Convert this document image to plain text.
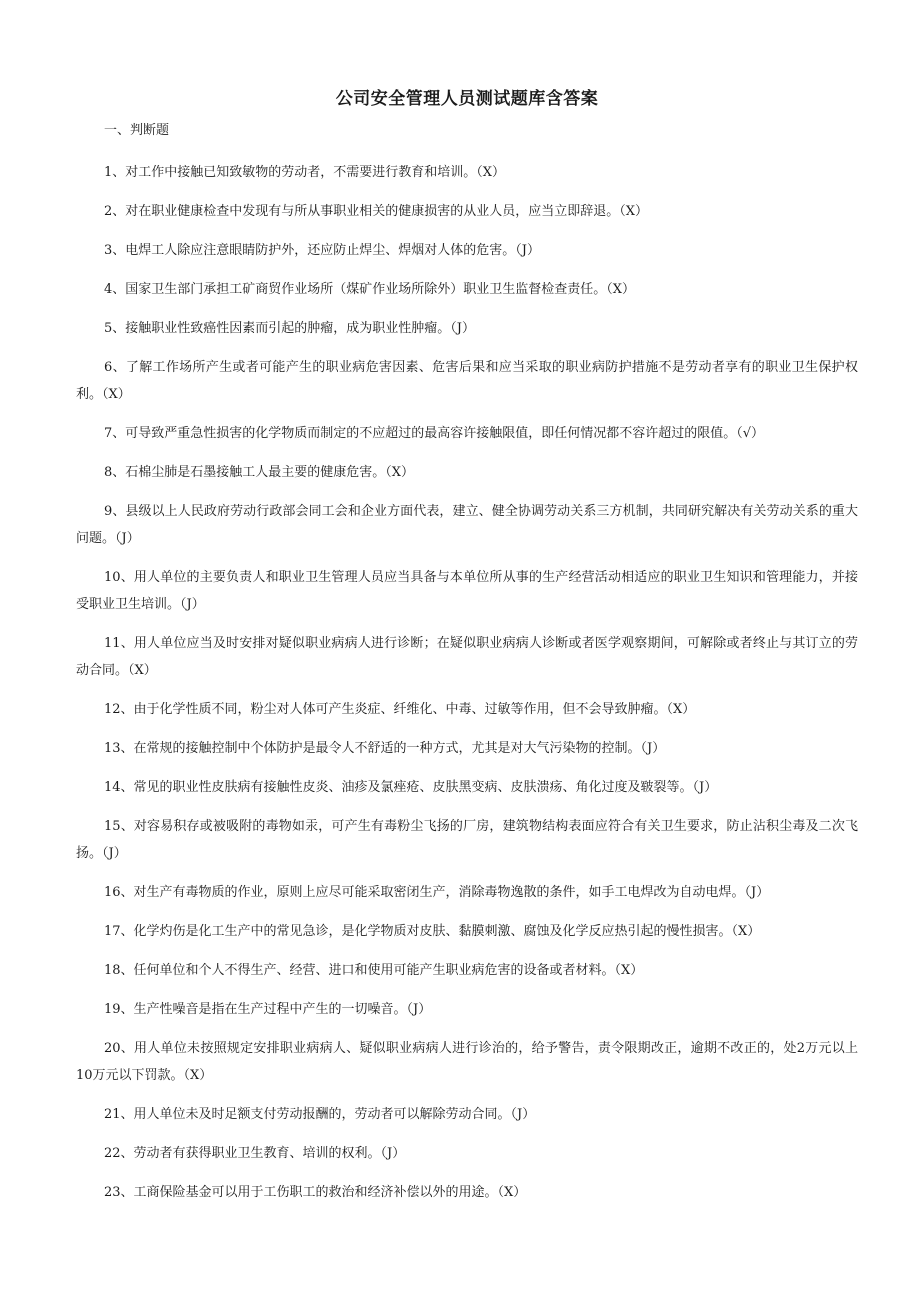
公司安全管理人员测试题库含答案
一、判断题

1、对工作中接触已知致敏物的劳动者，不需要进行教育和培训。（X）

2、对在职业健康检查中发现有与所从事职业相关的健康损害的从业人员，应当立即辞退。（X）

3、电焊工人除应注意眼睛防护外，还应防止焊尘、焊烟对人体的危害。（J）

4、国家卫生部门承担工矿商贸作业场所（煤矿作业场所除外）职业卫生监督检查责任。（X）

5、接触职业性致癌性因素而引起的肿瘤，成为职业性肿瘤。（J）

6、了解工作场所产生或者可能产生的职业病危害因素、危害后果和应当采取的职业病防护措施不是劳动者享有的职业卫生保护权利。（X）

7、可导致严重急性损害的化学物质而制定的不应超过的最高容许接触限值，即任何情况都不容许超过的限值。（√）

8、石棉尘肺是石墨接触工人最主要的健康危害。（X）

9、县级以上人民政府劳动行政部会同工会和企业方面代表，建立、健全协调劳动关系三方机制，共同研究解决有关劳动关系的重大问题。（J）

10、用人单位的主要负责人和职业卫生管理人员应当具备与本单位所从事的生产经营活动相适应的职业卫生知识和管理能力，并接受职业卫生培训。（J）

11、用人单位应当及时安排对疑似职业病病人进行诊断；在疑似职业病病人诊断或者医学观察期间，可解除或者终止与其订立的劳动合同。（X）

12、由于化学性质不同，粉尘对人体可产生炎症、纤维化、中毒、过敏等作用，但不会导致肿瘤。（X）

13、在常规的接触控制中个体防护是最令人不舒适的一种方式，尤其是对大气污染物的控制。（J）

14、常见的职业性皮肤病有接触性皮炎、油疹及氯痤疮、皮肤黑变病、皮肤溃疡、角化过度及皲裂等。（J）

15、对容易积存或被吸附的毒物如汞，可产生有毒粉尘飞扬的厂房，建筑物结构表面应符合有关卫生要求，防止沾积尘毒及二次飞扬。（J）

16、对生产有毒物质的作业，原则上应尽可能采取密闭生产，消除毒物逸散的条件，如手工电焊改为自动电焊。（J）

17、化学灼伤是化工生产中的常见急诊，是化学物质对皮肤、黏膜刺激、腐蚀及化学反应热引起的慢性损害。（X）

18、任何单位和个人不得生产、经营、进口和使用可能产生职业病危害的设备或者材料。（X）

19、生产性噪音是指在生产过程中产生的一切噪音。（J）

20、用人单位未按照规定安排职业病病人、疑似职业病病人进行诊治的，给予警告，责令限期改正，逾期不改正的，处2万元以上10万元以下罚款。（X）

21、用人单位未及时足额支付劳动报酬的，劳动者可以解除劳动合同。（J）

22、劳动者有获得职业卫生教育、培训的权利。（J）

23、工商保险基金可以用于工伤职工的救治和经济补偿以外的用途。（X）
